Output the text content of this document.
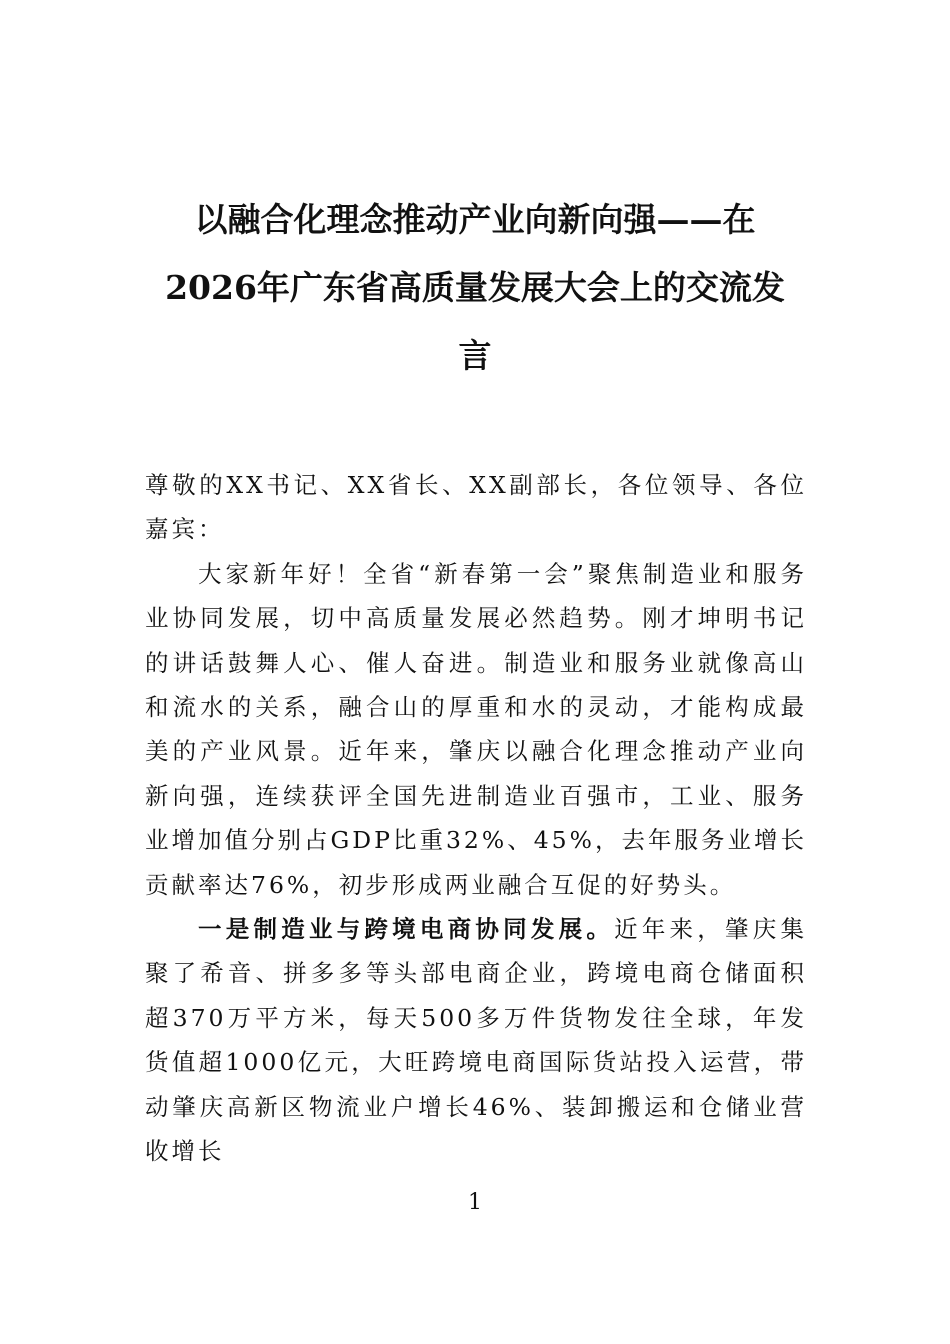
以融合化理念推动产业向新向强——在
2026年广东省高质量发展大会上的交流发
言

尊敬的XX书记、XX省长、XX副部长，各位领导、各位嘉宾：

大家新年好！全省“新春第一会”聚焦制造业和服务业协同发展，切中高质量发展必然趋势。刚才坤明书记的讲话鼓舞人心、催人奋进。制造业和服务业就像高山和流水的关系，融合山的厚重和水的灵动，才能构成最美的产业风景。近年来，肇庆以融合化理念推动产业向新向强，连续获评全国先进制造业百强市，工业、服务业增加值分别占GDP比重32%、45%，去年服务业增长贡献率达76%，初步形成两业融合互促的好势头。

一是制造业与跨境电商协同发展。近年来，肇庆集聚了希音、拼多多等头部电商企业，跨境电商仓储面积超370万平方米，每天500多万件货物发往全球，年发货值超1000亿元，大旺跨境电商国际货站投入运营，带动肇庆高新区物流业户增长46%、装卸搬运和仓储业营收增长

1
